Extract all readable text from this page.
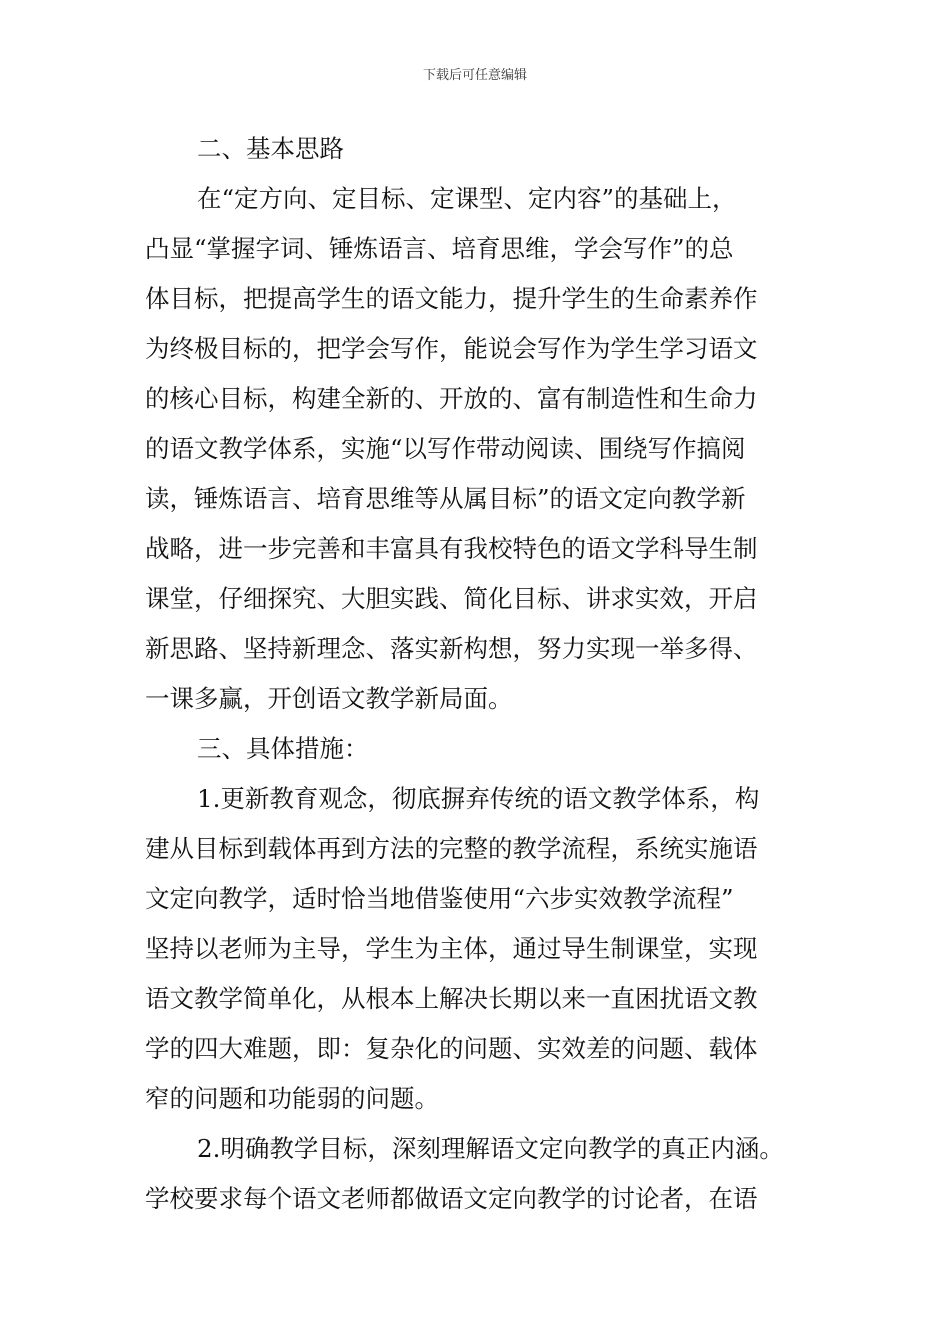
下载后可任意编辑
二、基本思路
在“定方向、定目标、定课型、定内容”的基础上，
凸显“掌握字词、锤炼语言、培育思维，学会写作”的总
体目标，把提高学生的语文能力，提升学生的生命素养作
为终极目标的，把学会写作，能说会写作为学生学习语文
的核心目标，构建全新的、开放的、富有制造性和生命力
的语文教学体系，实施“以写作带动阅读、围绕写作搞阅
读，锤炼语言、培育思维等从属目标”的语文定向教学新
战略，进一步完善和丰富具有我校特色的语文学科导生制
课堂，仔细探究、大胆实践、简化目标、讲求实效，开启
新思路、坚持新理念、落实新构想，努力实现一举多得、
一课多赢，开创语文教学新局面。
三、具体措施：
1.更新教育观念，彻底摒弃传统的语文教学体系，构
建从目标到载体再到方法的完整的教学流程，系统实施语
文定向教学，适时恰当地借鉴使用“六步实效教学流程”
坚持以老师为主导，学生为主体，通过导生制课堂，实现
语文教学简单化，从根本上解决长期以来一直困扰语文教
学的四大难题，即：复杂化的问题、实效差的问题、载体
窄的问题和功能弱的问题。
2.明确教学目标，深刻理解语文定向教学的真正内涵。
学校要求每个语文老师都做语文定向教学的讨论者，在语
